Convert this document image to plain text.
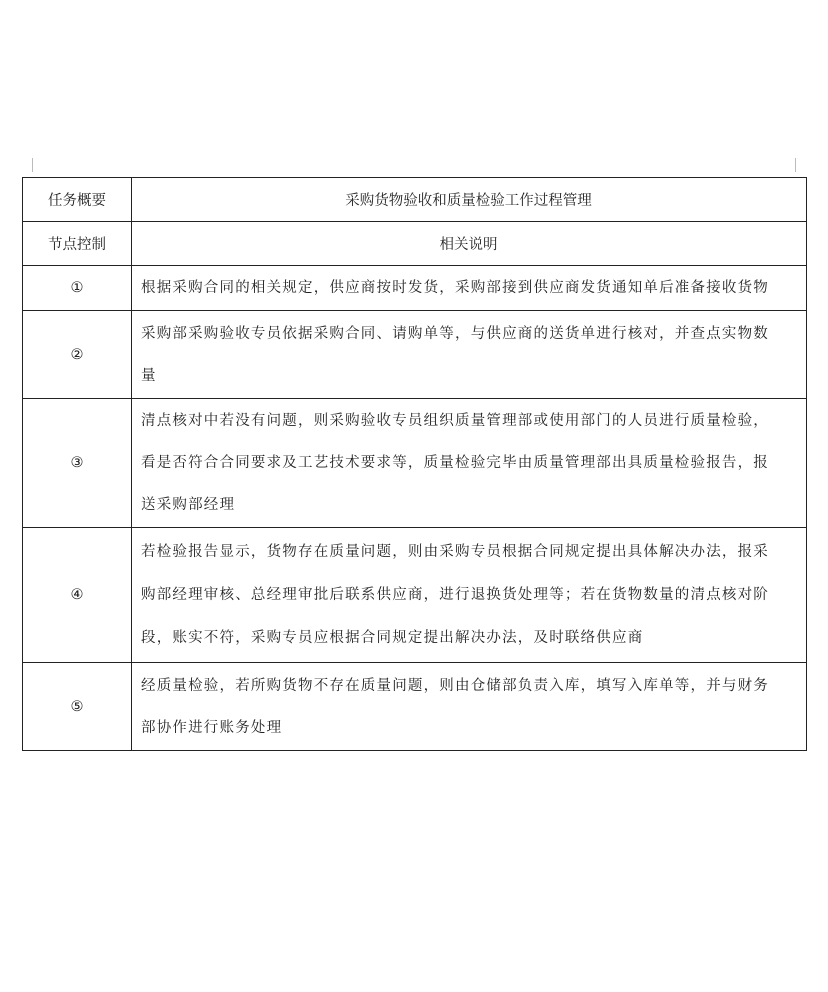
任务概要	采购货物验收和质量检验工作过程管理
节点控制	相关说明
①	根据采购合同的相关规定，供应商按时发货，采购部接到供应商发货通知单后准备接收货物

②	采购部采购验收专员依据采购合同、请购单等，与供应商的送货单进行核对，并查点实物数
量

③	清点核对中若没有问题，则采购验收专员组织质量管理部或使用部门的人员进行质量检验，
看是否符合合同要求及工艺技术要求等，质量检验完毕由质量管理部出具质量检验报告，报
送采购部经理

④	若检验报告显示，货物存在质量问题，则由采购专员根据合同规定提出具体解决办法，报采
购部经理审核、总经理审批后联系供应商，进行退换货处理等；若在货物数量的清点核对阶
段，账实不符，采购专员应根据合同规定提出解决办法，及时联络供应商

⑤	经质量检验，若所购货物不存在质量问题，则由仓储部负责入库，填写入库单等，并与财务
部协作进行账务处理
